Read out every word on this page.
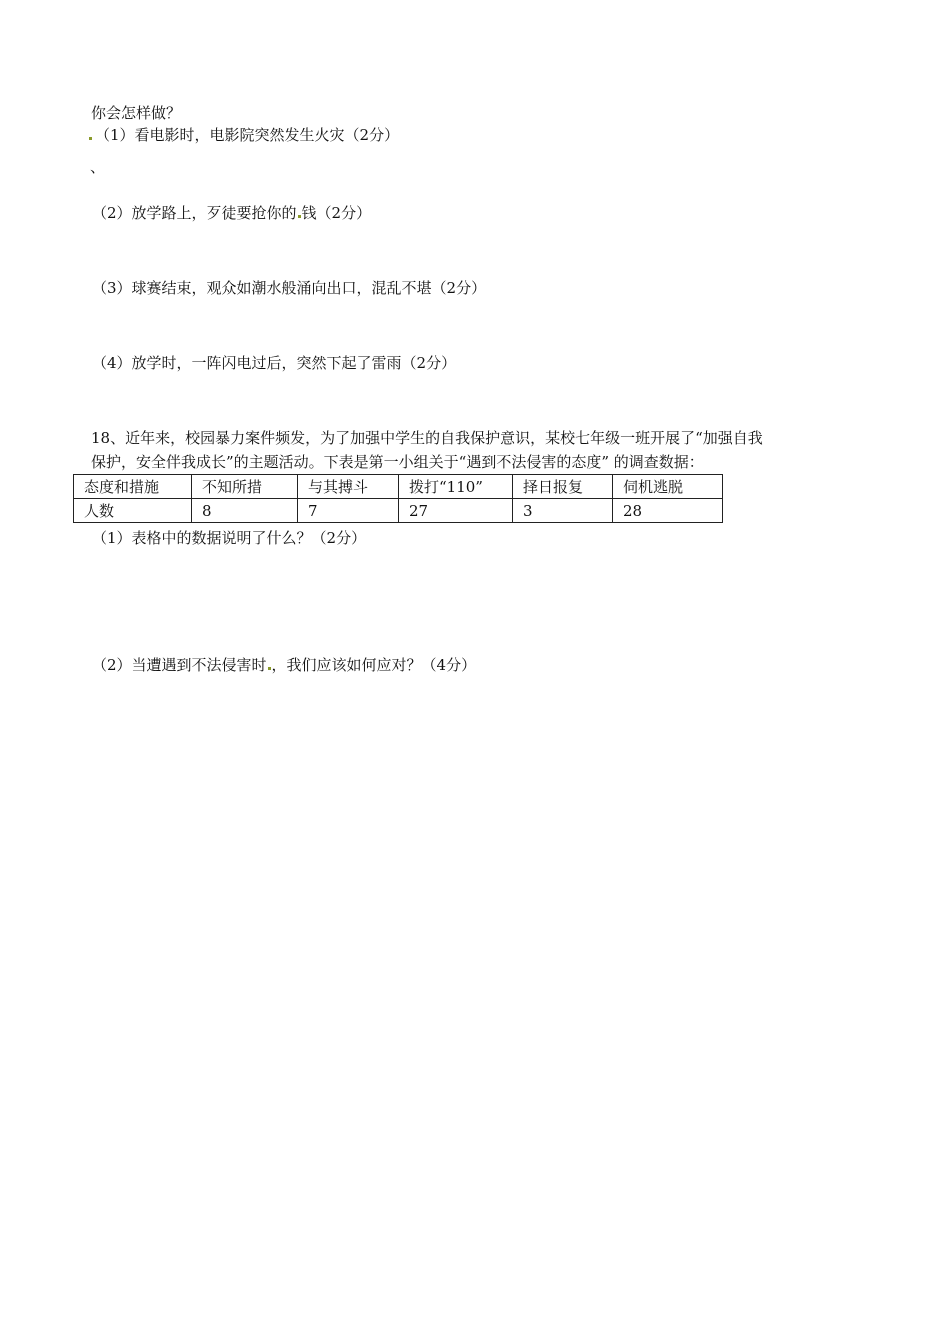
你会怎样做？
（1）看电影时，电影院突然发生火灾（2分）
、
（2）放学路上，歹徒要抢你的 钱（2分）
（3）球赛结束，观众如潮水般涌向出口，混乱不堪（2分）
（4）放学时，一阵闪电过后，突然下起了雷雨（2分）
18、近年来，校园暴力案件频发，为了加强中学生的自我保护意识，某校七年级一班开展了“加强自我
保护，安全伴我成长”的主题活动。下表是第一小组关于“遇到不法侵害的态度” 的调查数据：
态度和措施	不知所措	与其搏斗	拨打“110”	择日报复	伺机逃脱
人数	8	7	27	3	28
（1）表格中的数据说明了什么？（2分）
（2）当遭遇到不法侵害时 ，我们应该如何应对？（4分）
